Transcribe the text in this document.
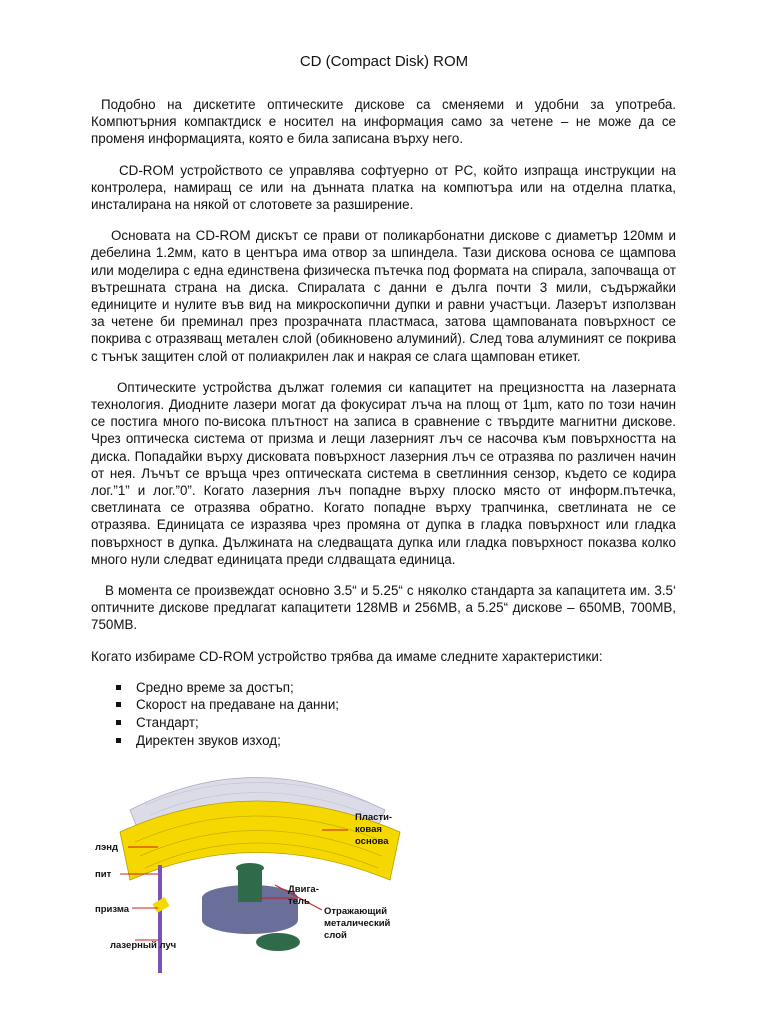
CD (Compact Disk) ROM

Подобно на дискетите оптическите дискове са сменяеми и удобни за употреба. Компютърния компактдиск е носител на информация само за четене – не може да се променя информацията, която е била записана върху него.

CD-ROM устройството се управлява софтуерно от PC, който изпраща инструкции на контролера, намиращ се или на дънната платка на компютъра или на отделна платка, инсталирана на някой от слотовете за разширение.

Основата на CD-ROM дискът се прави от поликарбонатни дискове с диаметър 120мм и дебелина 1.2мм, като в центъра има отвор за шпиндела. Тази дискова основа се щампова или моделира с една единствена физическа пътечка под формата на спирала, започваща от вътрешната страна на диска. Спиралата с данни е дълга почти 3 мили, съдържайки единиците и нулите във вид на микроскопични дупки и равни участъци. Лазерът използван за четене би преминал през прозрачната пластмаса, затова щампованата повърхност се покрива с отразяващ метален слой (обикновено алуминий). След това алуминият се покрива с тънък защитен слой от полиакрилен лак и накрая се слага щампован етикет.

Оптическите устройства дължат големия си капацитет на прецизността на лазерната технология. Диодните лазери могат да фокусират лъча на площ от 1µm, като по този начин се постига много по-висока плътност на записа в сравнение с твърдите магнитни дискове. Чрез оптическа система от призма и лещи лазерният лъч се насочва към повърхността на диска. Попадайки върху дисковата повърхност лазерния лъч се отразява по различен начин от нея. Лъчът се връща чрез оптическата система в светлинния сензор, където се кодира лог.”1” и лог.”0”. Когато лазерния лъч попадне върху плоско място от информ.пътечка, светлината се отразява обратно. Когато попадне върху трапчинка, светлината не се отразява. Единицата се изразява чрез промяна от дупка в гладка повърхност или гладка повърхност в дупка. Дължината на следващата дупка или гладка повърхност показва колко много нули следват единицата преди слдващата единица.

В момента се произвеждат основно 3.5“ и 5.25“ с няколко стандарта за капацитета им. 3.5‘ оптичните дискове предлагат капацитети 128MB и 256MB, а 5.25“ дискове – 650MB, 700MB, 750MB.

Когато избираме CD-ROM устройство трябва да имаме следните характеристики:

Средно време за достъп;
Скорост на предаване на данни;
Стандарт;
Директен звуков изход;
лэнд
пит
призма
лазерный луч
Пласти-
ковая
основа
Двига-
тель
Отражающий
металический
слой
